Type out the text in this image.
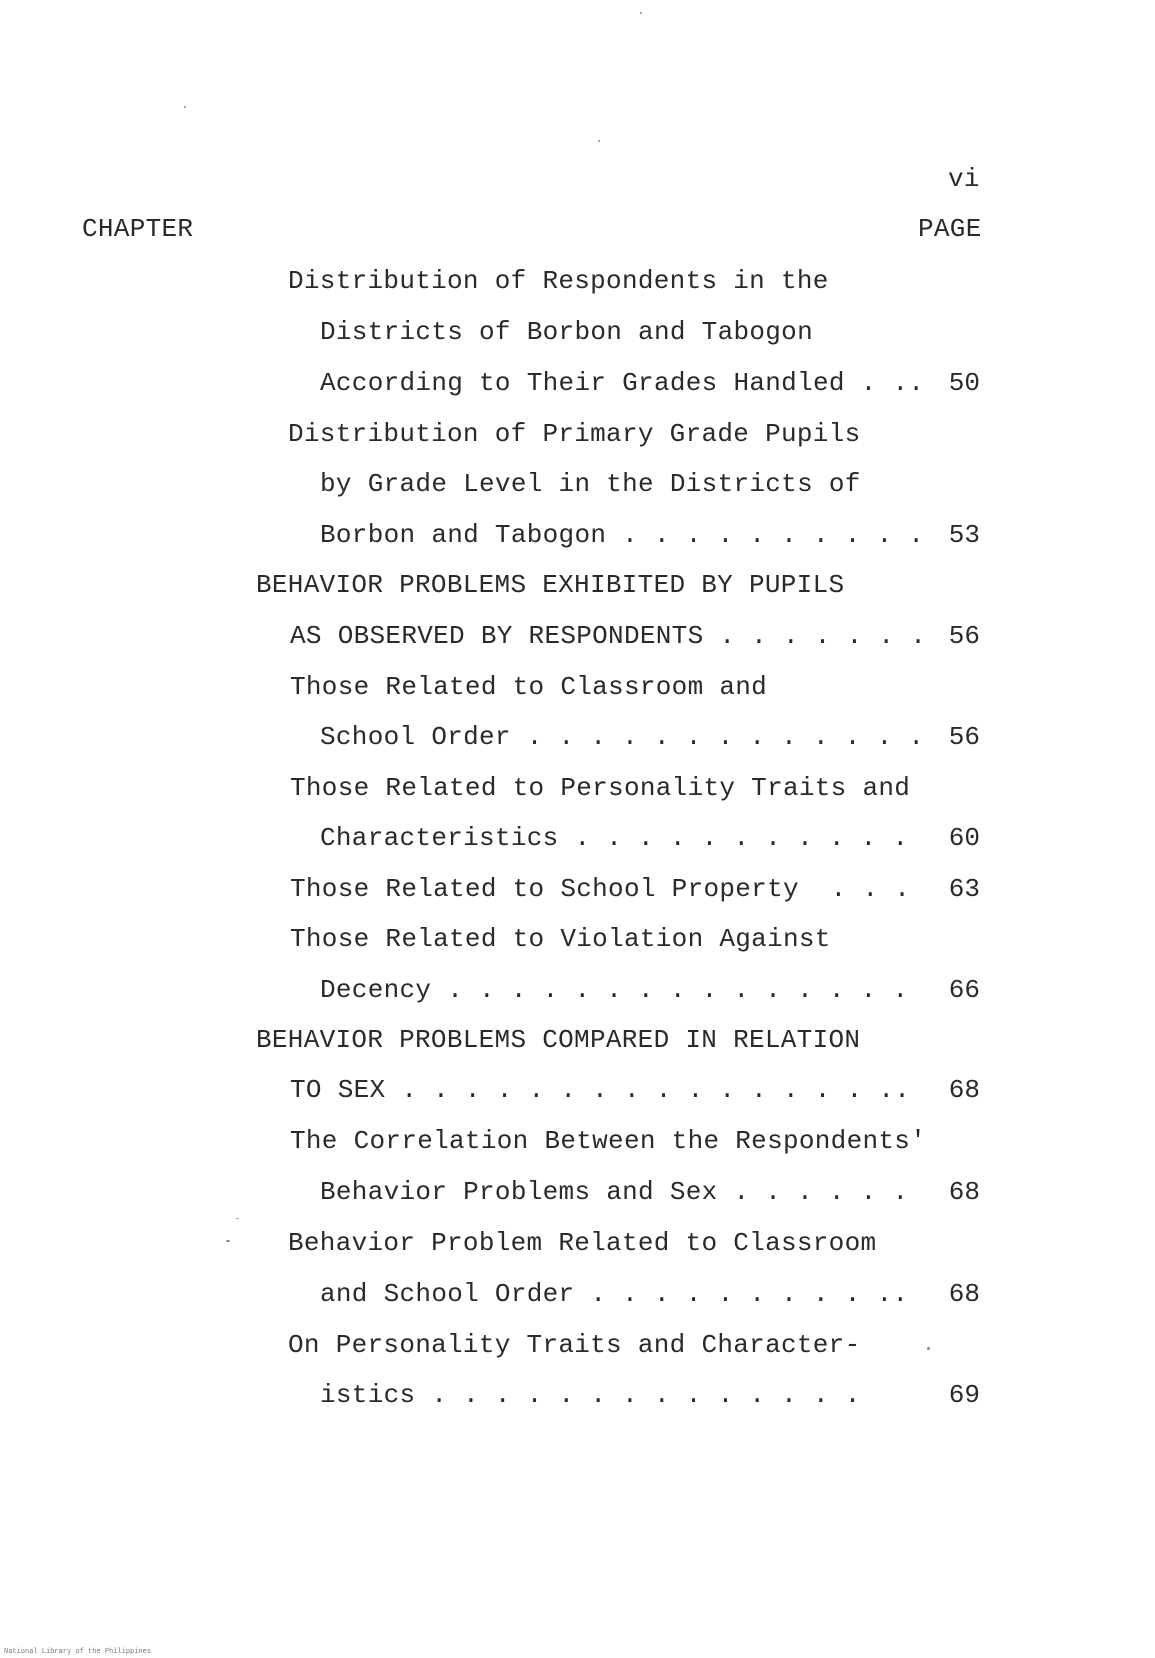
vi
CHAPTER	PAGE
Distribution of Respondents in the
Districts of Borbon and Tabogon
According to Their Grades Handled . .. 50
Distribution of Primary Grade Pupils
by Grade Level in the Districts of
Borbon and Tabogon . . . . . . . . . . 53
BEHAVIOR PROBLEMS EXHIBITED BY PUPILS
AS OBSERVED BY RESPONDENTS . . . . . . . 56
Those Related to Classroom and
School Order . . . . . . . . . . . . . 56
Those Related to Personality Traits and
Characteristics . . . . . . . . . . .	60
Those Related to School Property  . . .	63
Those Related to Violation Against
Decency . . . . . . . . . . . . . . .	66
BEHAVIOR PROBLEMS COMPARED IN RELATION
TO SEX . . . . . . . . . . . . . . . ..	68
The Correlation Between the Respondents'
Behavior Problems and Sex . . . . . .	68
Behavior Problem Related to Classroom
and School Order . . . . . . . . . ..	68
On Personality Traits and Character-
istics . . . . . . . . . . . . . .	69
National Library of the Philippines
